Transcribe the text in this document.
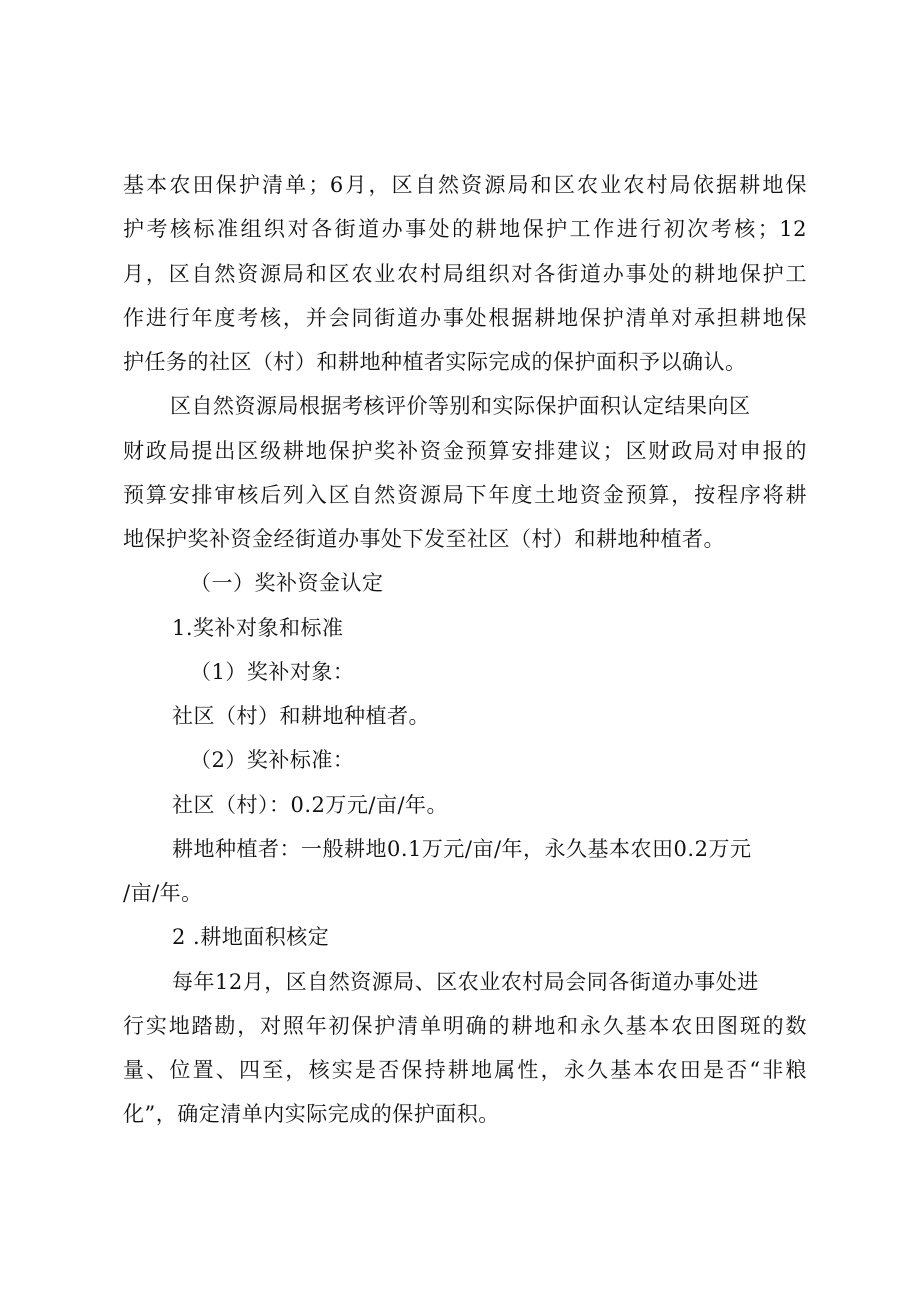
基本农田保护清单；6月，区自然资源局和区农业农村局依据耕地保
护考核标准组织对各街道办事处的耕地保护工作进行初次考核；12
月，区自然资源局和区农业农村局组织对各街道办事处的耕地保护工
作进行年度考核，并会同街道办事处根据耕地保护清单对承担耕地保
护任务的社区（村）和耕地种植者实际完成的保护面积予以确认。
区自然资源局根据考核评价等别和实际保护面积认定结果向区
财政局提出区级耕地保护奖补资金预算安排建议；区财政局对申报的
预算安排审核后列入区自然资源局下年度土地资金预算，按程序将耕
地保护奖补资金经街道办事处下发至社区（村）和耕地种植者。
（一）奖补资金认定
1.奖补对象和标准
（1）奖补对象：
社区（村）和耕地种植者。
（2）奖补标准：
社区（村）：0.2万元/亩/年。
耕地种植者：一般耕地0.1万元/亩/年，永久基本农田0.2万元
/亩/年。
2 .耕地面积核定
每年12月，区自然资源局、区农业农村局会同各街道办事处进
行实地踏勘，对照年初保护清单明确的耕地和永久基本农田图斑的数
量、位置、四至，核实是否保持耕地属性，永久基本农田是否“非粮
化”，确定清单内实际完成的保护面积。
